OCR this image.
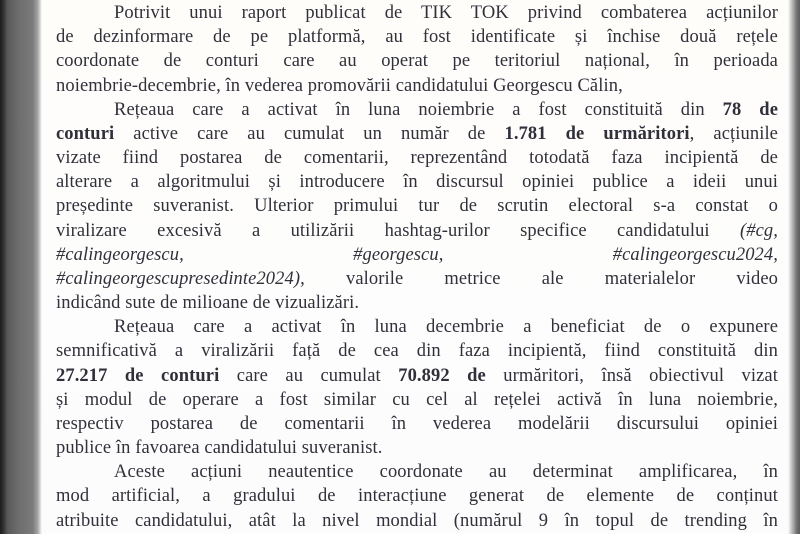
Potrivit unui raport publicat de TIK TOK privind combaterea acțiunilor
de dezinformare de pe platformă, au fost identificate și închise două rețele
coordonate de conturi care au operat pe teritoriul național, în perioada
noiembrie-decembrie, în vederea promovării candidatului Georgescu Călin,
Rețeaua care a activat în luna noiembrie a fost constituită din 78 de
conturi active care au cumulat un număr de 1.781 de urmăritori, acțiunile
vizate fiind postarea de comentarii, reprezentând totodată faza incipientă de
alterare a algoritmului și introducere în discursul opiniei publice a ideii unui
președinte suveranist. Ulterior primului tur de scrutin electoral s-a constat o
viralizare excesivă a utilizării hashtag-urilor specifice candidatului (#cg,
#calingeorgescu,	#georgescu,	#calingeorgescu2024,
#calingeorgescupresedinte2024), valorile metrice ale materialelor video
indicând sute de milioane de vizualizări.
Rețeaua care a activat în luna decembrie a beneficiat de o expunere
semnificativă a viralizării față de cea din faza incipientă, fiind constituită din
27.217 de conturi care au cumulat 70.892 de urmăritori, însă obiectivul vizat
și modul de operare a fost similar cu cel al rețelei activă în luna noiembrie,
respectiv postarea de comentarii în vederea modelării discursului opiniei
publice în favoarea candidatului suveranist.
Aceste acțiuni neautentice coordonate au determinat amplificarea, în
mod artificial, a gradului de interacțiune generat de elemente de conținut
atribuite candidatului, atât la nivel mondial (numărul 9 în topul de trending în
